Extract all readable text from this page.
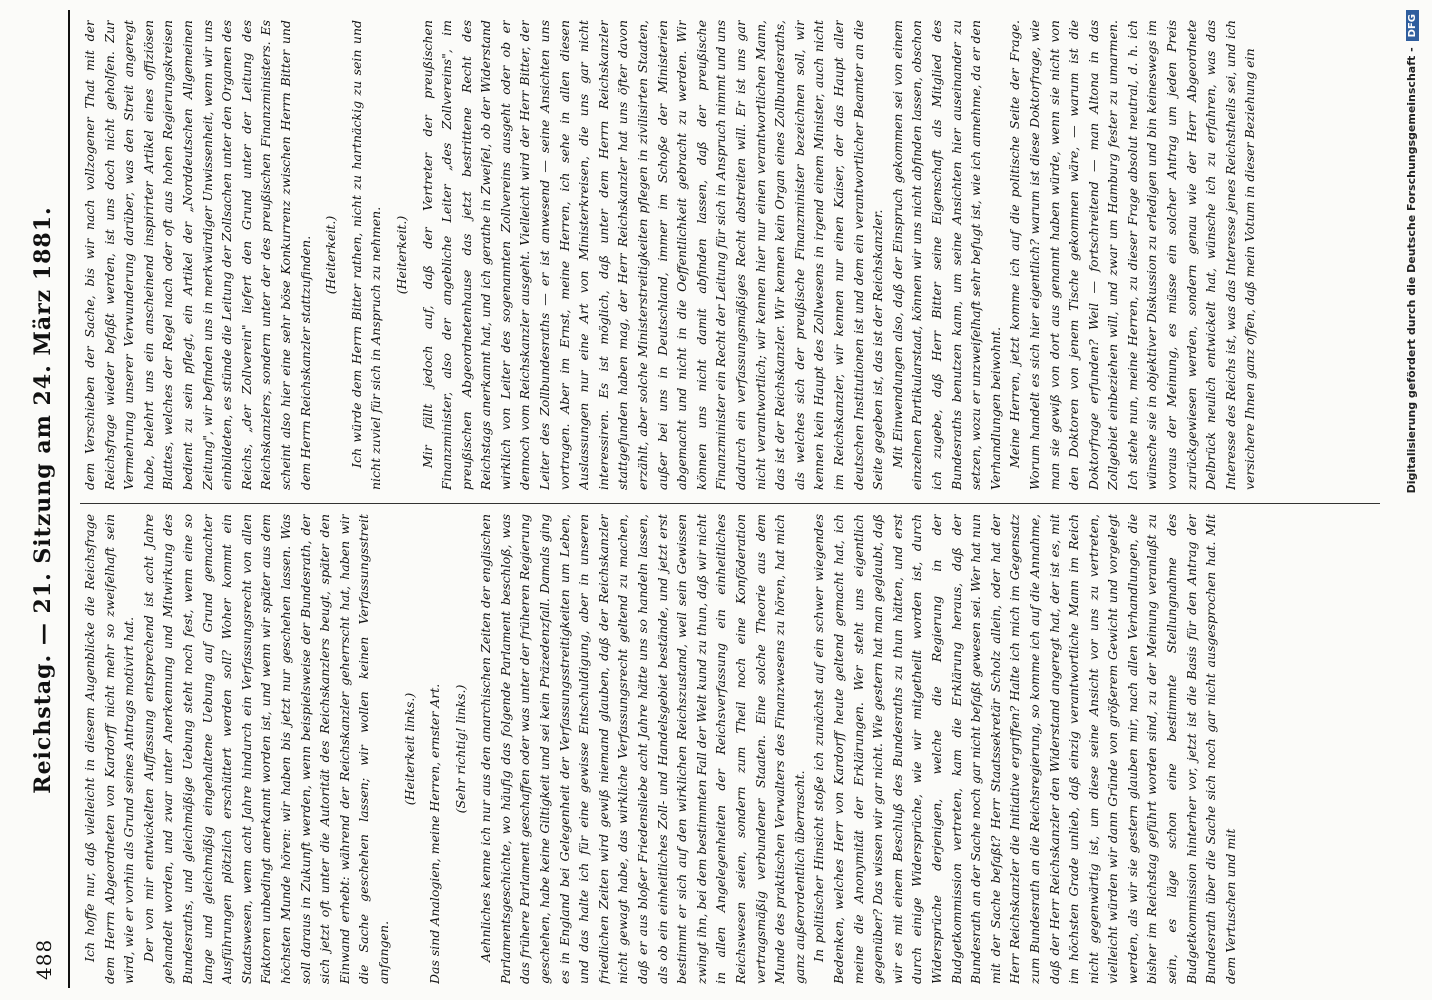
488
Reichstag. — 21. Sitzung am 24. März 1881. Ich hoffe nur, daß vielleicht in diesem Augenblicke die Reichsfrage dem Herrn Abgeordneten von Kardorff nicht mehr so zweifelhaft sein wird, wie er vorhin als Grund seines Antrags motivirt hat. Der von mir entwickelten Auffassung entsprechend ist acht Jahre gehandelt worden, und zwar unter Anerkennung und Mitwirkung des Bundesraths, und gleichmäßige Uebung steht noch fest, wenn eine so lange und gleichmäßig eingehaltene Uebung auf Grund gemachter Ausführungen plötzlich erschüttert werden soll? Woher kommt ein Staatswesen, wenn acht Jahre hindurch ein Verfassungsrecht von allen Faktoren unbedingt anerkannt worden ist, und wenn wir später aus dem höchsten Munde hören: wir haben bis jetzt nur geschehen lassen. Was soll daraus in Zukunft werden, wenn beispielsweise der Bundesrath, der sich jetzt oft unter die Autorität des Reichskanzlers beugt, später den Einwand erhebt: während der Reichskanzler geherrscht hat, haben wir die Sache geschehen lassen; wir wollen keinen Verfassungsstreit anfangen.

(Heiterkeit links.) Das sind Analogien, meine Herren, ernster Art. (Sehr richtig! links.) Aehnliches kenne ich nur aus den anarchischen Zeiten der englischen Parlamentsgeschichte, wo häufig das folgende Parlament beschloß, was das frühere Parlament geschaffen oder was unter der früheren Regierung geschehen, habe keine Giltigkeit und sei kein Präzedenzfall. Damals ging es in England bei Gelegenheit der Verfassungsstreitigkeiten um Leben, und das halte ich für eine gewisse Entschuldigung, aber in unseren friedlichen Zeiten wird gewiß niemand glauben, daß der Reichskanzler nicht gewagt habe, das wirkliche Verfassungsrecht geltend zu machen, daß er aus bloßer Friedensliebe acht Jahre hätte uns so handeln lassen, als ob ein einheitliches Zoll- und Handelsgebiet bestände, und jetzt erst bestimmt er sich auf den wirklichen Reichszustand, weil sein Gewissen zwingt ihn, bei dem bestimmten Fall der Welt kund zu thun, daß wir nicht in allen Angelegenheiten der Reichsverfassung ein einheitliches Reichswesen seien, sondern zum Theil noch eine Konföderation vertragsmäßig verbundener Staaten. Eine solche Theorie aus dem Munde des praktischen Verwalters des Finanzwesens zu hören, hat mich ganz außerordentlich überrascht. In politischer Hinsicht stoße ich zunächst auf ein schwer wiegendes Bedenken, welches Herr von Kardorff heute geltend gemacht hat, ich meine die Anonymität der Erklärungen. Wer steht uns eigentlich gegenüber? Das wissen wir gar nicht. Wie gestern hat man geglaubt, daß wir es mit einem Beschluß des Bundesraths zu thun hätten, und erst durch einige Widersprüche, wie wir mitgetheilt worden ist, durch Widersprüche derjenigen, welche die Regierung in der Budgetkommission vertreten, kam die Erklärung heraus, daß der Bundesrath an der Sache noch gar nicht befaßt gewesen sei. Wer hat nun mit der Sache befaßt? Herr Staatssekretär Scholz allein, oder hat der Herr Reichskanzler die Initiative ergriffen? Halte ich mich im Gegensatz zum Bundesrath an die Reichsregierung, so komme ich auf die Annahme, daß der Herr Reichskanzler den Widerstand angeregt hat, der ist es, mit im höchsten Grade unlieb, daß einzig verantwortliche Mann im Reich nicht gegenwärtig ist, um diese seine Ansicht vor uns zu vertreten, vielleicht würden wir dann Gründe von größerem Gewicht und vorgelegt werden, als wir sie gestern glauben mir, nach allen Verhandlungen, die bisher im Reichstag geführt worden sind, zu der Meinung veranlaßt zu sein, es läge schon eine bestimmte Stellungnahme des Budgetkommission hinterher vor, jetzt ist die Basis für den Antrag der Bundesrath über die Sache sich noch gar nicht ausgesprochen hat. Mit dem Vertuschen und mit

dem Verschieben der Sache, bis wir nach vollzogener That mit der Reichsfrage wieder befaßt werden, ist uns doch nicht geholfen. Zur Vermehrung unserer Verwunderung darüber, was den Streit angeregt habe, belehrt uns ein anscheinend inspirirter Artikel eines offiziösen Blattes, welches der Regel nach oder oft aus hohen Regierungskreisen bedient zu sein pflegt, ein Artikel der „Norddeutschen Allgemeinen Zeitung", wir befinden uns in merkwürdiger Unwissenheit, wenn wir uns einbildeten, es stünde die Leitung der Zollsachen unter den Organen des Reichs, „der Zollverein" liefert den Grund unter der Leitung des Reichskanzlers, sondern unter der des preußischen Finanzministers. Es scheint also hier eine sehr böse Konkurrenz zwischen Herrn Bitter und dem Herrn Reichskanzler stattzufinden. (Heiterkeit.) Ich würde dem Herrn Bitter rathen, nicht zu hartnäckig zu sein und nicht zuviel für sich in Anspruch zu nehmen. (Heiterkeit.) Mir fällt jedoch auf, daß der Vertreter der preußischen Finanzminister, also der angebliche Leiter „des Zollvereins", im preußischen Abgeordnetenhause das jetzt bestrittene Recht des Reichstags anerkannt hat, und ich gerathe in Zweifel, ob der Widerstand wirklich von Leiter des sogenannten Zollvereins ausgeht oder ob er dennoch vom Reichskanzler ausgeht. Vielleicht wird der Herr Bitter, der Leiter des Zollbundesraths — er ist anwesend — seine Ansichten uns vortragen. Aber im Ernst, meine Herren, ich sehe in allen diesen Auslassungen nur eine Art von Ministerkreisen, die uns gar nicht interessiren. Es ist möglich, daß unter dem Herrn Reichskanzler stattgefunden haben mag, der Herr Reichskanzler hat uns öfter davon erzählt, aber solche Ministerstreitigkeiten pflegen in zivilisirten Staaten, außer bei uns in Deutschland, immer im Schoße der Ministerien abgemacht und nicht in die Oeffentlichkeit gebracht zu werden. Wir können uns nicht damit abfinden lassen, daß der preußische Finanzminister ein Recht der Leitung für sich in Anspruch nimmt und uns dadurch ein verfassungsmäßiges Recht abstreiten will. Er ist uns gar nicht verantwortlich; wir kennen hier nur einen verantwortlichen Mann, das ist der Reichskanzler. Wir kennen kein Organ eines Zollbundesraths, als welches sich der preußische Finanzminister bezeichnen soll, wir kennen kein Haupt des Zollwesens in irgend einem Minister, auch nicht im Reichskanzler, wir kennen nur einen Kaiser, der das Haupt aller deutschen Institutionen ist und dem ein verantwortlicher Beamter an die Seite gegeben ist, das ist der Reichskanzler. Mit Einwendungen also, daß der Einspruch gekommen sei von einem einzelnen Partikularstaat, können wir uns nicht abfinden lassen, obschon ich zugebe, daß Herr Bitter seine Eigenschaft als Mitglied des Bundesraths benutzen kann, um seine Ansichten hier auseinander zu setzen, wozu er unzweifelhaft sehr befugt ist, wie ich annehme, da er den Verhandlungen beiwohnt. Meine Herren, jetzt komme ich auf die politische Seite der Frage. Worum handelt es sich hier eigentlich? warum ist diese Doktorfrage, wie man sie gewiß von dort aus genannt haben würde, wenn sie nicht von den Doktoren von jenem Tische gekommen wäre, — warum ist die Doktorfrage erfunden? Weil — fortschreitend — man Altona in das Zollgebiet einbeziehen will, und zwar um Hamburg fester zu umarmen. Ich stehe nun, meine Herren, zu dieser Frage absolut neutral, d. h. ich wünsche sie in objektiver Diskussion zu erledigen und bin keineswegs im voraus der Meinung, es müsse ein solcher Antrag um jeden Preis zurückgewiesen werden, sondern genau wie der Herr Abgeordnete Delbrück neulich entwickelt hat, wünsche ich zu erfahren, was das Interesse des Reichs ist, was das Interesse jenes Reichstheils sei, und ich versichere Ihnen ganz offen, daß mein Votum in dieser Beziehung ein	Digitalisierung gefördert durch die Deutsche Forschungsgemeinschaft -DFG
